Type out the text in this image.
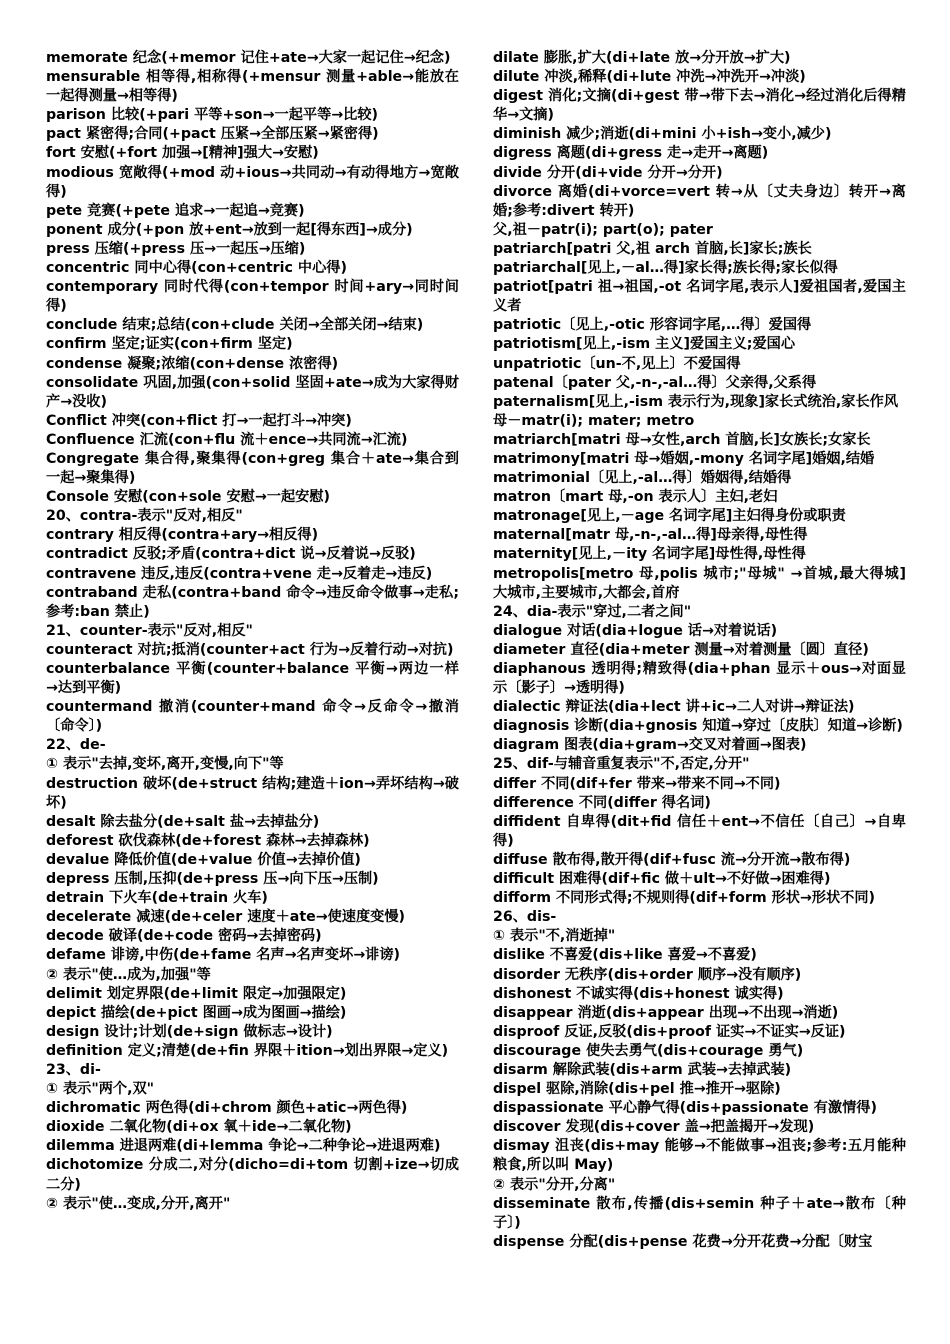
memorate 纪念(+memor 记住+ate→大家一起记住→纪念)

mensurable 相等得,相称得(+mensur 测量+able→能放在一起得测量→相等得)

parison 比较(+pari 平等+son→一起平等→比较)

pact 紧密得;合同(+pact 压紧→全部压紧→紧密得)

fort 安慰(+fort 加强→[精神]强大→安慰)

modious 宽敞得(+mod 动+ious→共同动→有动得地方→宽敞得)

pete 竞赛(+pete 追求→一起追→竞赛)

ponent 成分(+pon 放+ent→放到一起[得东西]→成分)

press 压缩(+press 压→一起压→压缩)

concentric 同中心得(con+centric 中心得)

contemporary 同时代得(con+tempor 时间+ary→同时间得)

conclude 结束;总结(con+clude 关闭→全部关闭→结束)

confirm 坚定;证实(con+firm 坚定)

condense 凝聚;浓缩(con+dense 浓密得)

consolidate 巩固,加强(con+solid 坚固+ate→成为大家得财产→没收)

Conflict 冲突(con+flict 打→一起打斗→冲突)

Confluence 汇流(con+flu 流＋ence→共同流→汇流)

Congregate 集合得,聚集得(con+greg 集合＋ate→集合到一起→聚集得)

Console 安慰(con+sole 安慰→一起安慰)

20、contra-表示"反对,相反"

contrary 相反得(contra+ary→相反得)

contradict 反驳;矛盾(contra+dict 说→反着说→反驳)

contravene 违反,违反(contra+vene 走→反着走→违反)

contraband 走私(contra+band 命令→违反命令做事→走私;参考:ban 禁止)

21、counter-表示"反对,相反"

counteract 对抗;抵消(counter+act 行为→反着行动→对抗)

counterbalance 平衡(counter+balance 平衡→两边一样→达到平衡)

countermand 撤消(counter+mand 命令→反命令→撤消〔命令〕)

22、de-

① 表示"去掉,变坏,离开,变慢,向下"等

destruction 破坏(de+struct 结构;建造＋ion→弄坏结构→破坏)

desalt 除去盐分(de+salt 盐→去掉盐分)

deforest 砍伐森林(de+forest 森林→去掉森林)

devalue 降低价值(de+value 价值→去掉价值)

depress 压制,压抑(de+press 压→向下压→压制)

detrain 下火车(de+train 火车)

decelerate 减速(de+celer 速度＋ate→使速度变慢)

decode 破译(de+code 密码→去掉密码)

defame 诽谤,中伤(de+fame 名声→名声变坏→诽谤)

② 表示"使…成为,加强"等

delimit 划定界限(de+limit 限定→加强限定)

depict 描绘(de+pict 图画→成为图画→描绘)

design 设计;计划(de+sign 做标志→设计)

definition 定义;清楚(de+fin 界限＋ition→划出界限→定义)

23、di-

① 表示"两个,双"

dichromatic 两色得(di+chrom 颜色+atic→两色得)

dioxide 二氧化物(di+ox 氧＋ide→二氧化物)

dilemma 进退两难(di+lemma 争论→二种争论→进退两难)

dichotomize 分成二,对分(dicho=di+tom 切割+ize→切成二分)

② 表示"使…变成,分开,离开"

dilate 膨胀,扩大(di+late 放→分开放→扩大)

dilute 冲淡,稀释(di+lute 冲洗→冲洗开→冲淡)

digest 消化;文摘(di+gest 带→带下去→消化→经过消化后得精华→文摘)

diminish 减少;消逝(di+mini 小+ish→变小,减少)

digress 离题(di+gress 走→走开→离题)

divide 分开(di+vide 分开→分开)

divorce 离婚(di+vorce=vert 转→从〔丈夫身边〕转开→离婚;参考:divert 转开)

父,祖－patr(i); part(o); pater

patriarch[patri 父,祖 arch 首脑,长]家长;族长

patriarchal[见上,－al…得]家长得;族长得;家长似得

patriot[patri 祖→祖国,-ot 名词字尾,表示人]爱祖国者,爱国主义者

patriotic〔见上,-otic 形容词字尾,…得〕爱国得

patriotism[见上,-ism 主义]爱国主义;爱国心

unpatriotic〔un-不,见上〕不爱国得

patenal〔pater 父,-n-,-al…得〕父亲得,父系得

paternalism[见上,-ism 表示行为,现象]家长式统治,家长作风

母－matr(i); mater; metro

matriarch[matri 母→女性,arch 首脑,长]女族长;女家长

matrimony[matri 母→婚姻,-mony 名词字尾]婚姻,结婚

matrimonial〔见上,-al…得〕婚姻得,结婚得

matron〔mart 母,-on 表示人〕主妇,老妇

matronage[见上,－age 名词字尾]主妇得身份或职责

maternal[matr 母,-n-,-al…得]母亲得,母性得

maternity[见上,－ity 名词字尾]母性得,母性得

metropolis[metro 母,polis 城市;"母城" →首城,最大得城]大城市,主要城市,大都会,首府

24、dia-表示"穿过,二者之间"

dialogue 对话(dia+logue 话→对着说话)

diameter 直径(dia+meter 测量→对着测量〔圆〕直径)

diaphanous 透明得;精致得(dia+phan 显示＋ous→对面显示〔影子〕→透明得)

dialectic 辩证法(dia+lect 讲+ic→二人对讲→辩证法)

diagnosis 诊断(dia+gnosis 知道→穿过〔皮肤〕知道→诊断)

diagram 图表(dia+gram→交叉对着画→图表)

25、dif-与辅音重复表示"不,否定,分开"

differ 不同(dif+fer 带来→带来不同→不同)

difference 不同(differ 得名词)

diffident 自卑得(dit+fid 信任＋ent→不信任〔自己〕→自卑得)

diffuse 散布得,散开得(dif+fusc 流→分开流→散布得)

difficult 困难得(dif+fic 做＋ult→不好做→困难得)

difform 不同形式得;不规则得(dif+form 形状→形状不同)

26、dis-

① 表示"不,消逝掉"

dislike 不喜爱(dis+like 喜爱→不喜爱)

disorder 无秩序(dis+order 顺序→没有顺序)

dishonest 不诚实得(dis+honest 诚实得)

disappear 消逝(dis+appear 出现→不出现→消逝)

disproof 反证,反驳(dis+proof 证实→不证实→反证)

discourage 使失去勇气(dis+courage 勇气)

disarm 解除武装(dis+arm 武装→去掉武装)

dispel 驱除,消除(dis+pel 推→推开→驱除)

dispassionate 平心静气得(dis+passionate 有激情得)

discover 发现(dis+cover 盖→把盖揭开→发现)

dismay 沮丧(dis+may 能够→不能做事→沮丧;参考:五月能种粮食,所以叫 May)

② 表示"分开,分离"

disseminate 散布,传播(dis+semin 种子＋ate→散布〔种子〕)

dispense 分配(dis+pense 花费→分开花费→分配〔财宝
